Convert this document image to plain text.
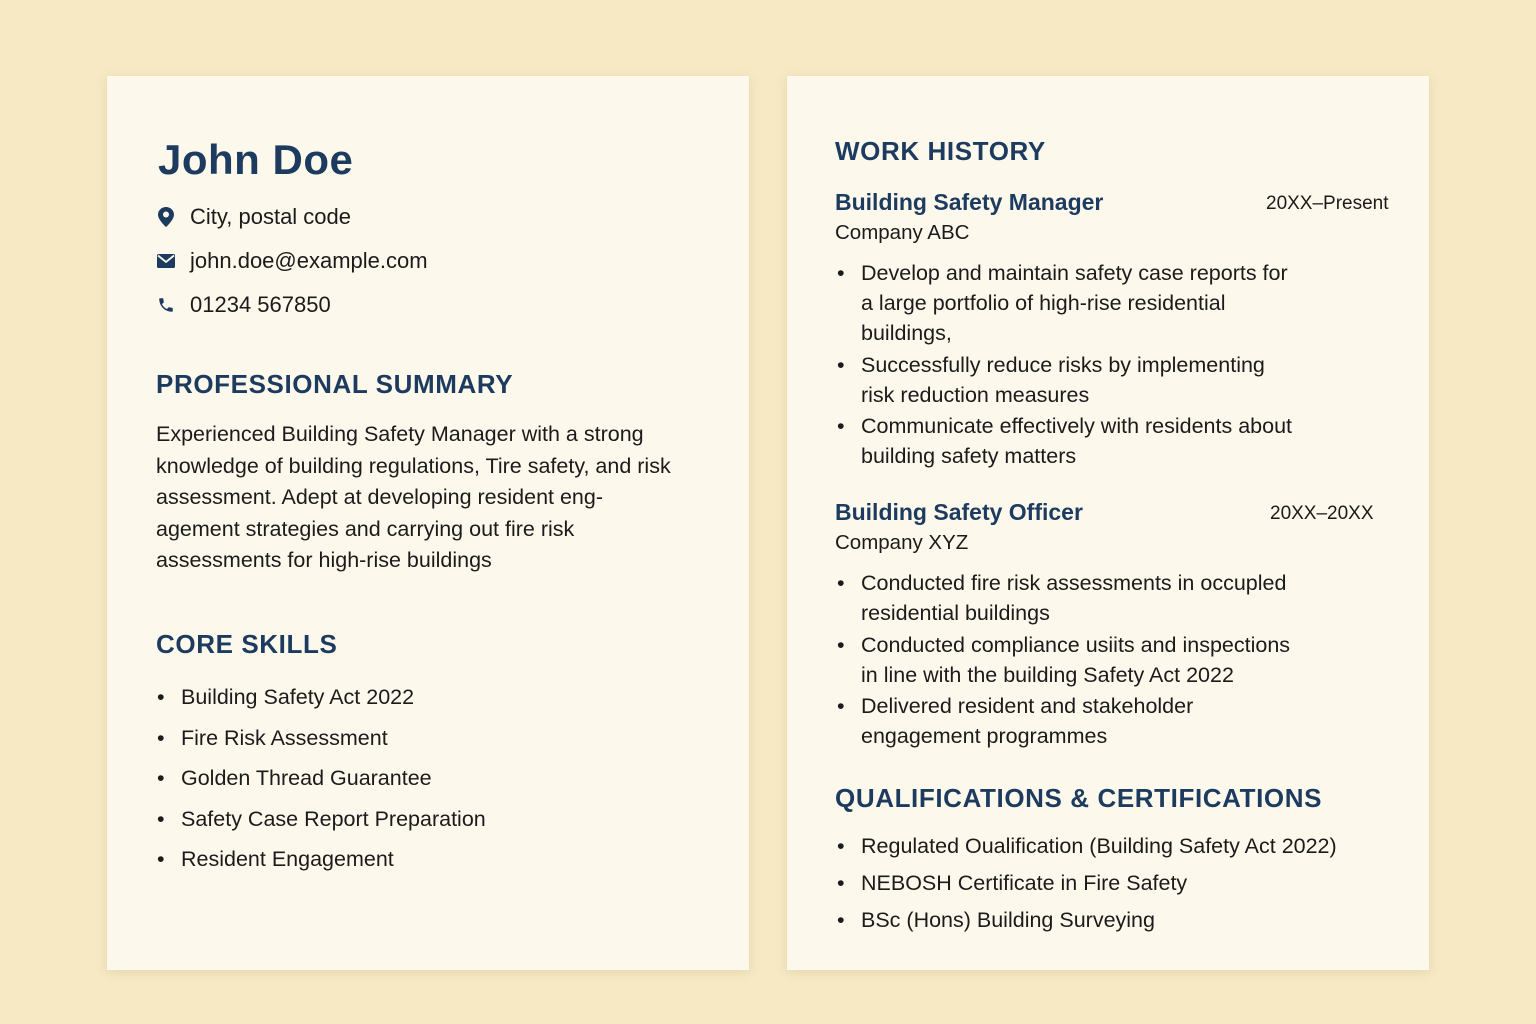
John Doe
City, postal code
john.doe@example.com
01234 567850
PROFESSIONAL SUMMARY
Experienced Building Safety Manager with a strong knowledge of building regulations, Tire safety, and risk assessment. Adept at developing resident eng-agement strategies and carrying out fire risk assessments for high-rise buildings
CORE SKILLS
• Building Safety Act 2022
• Fire Risk Assessment
• Golden Thread Guarantee
• Safety Case Report Preparation
• Resident Engagement
WORK HISTORY
Building Safety Manager	20XX–Present
Company ABC
• Develop and maintain safety case reports for a large portfolio of high-rise residential buildings,
• Successfully reduce risks by implementing risk reduction measures
• Communicate effectively with residents about building safety matters
Building Safety Officer	20XX–20XX
Company XYZ
• Conducted fire risk assessments in occupled residential buildings
• Conducted compliance usiits and inspections in line with the building Safety Act 2022
• Delivered resident and stakeholder engagement programmes
QUALIFICATIONS & CERTIFICATIONS
• Regulated Oualification (Building Safety Act 2022)
• NEBOSH Certificate in Fire Safety
• BSc (Hons) Building Surveying
